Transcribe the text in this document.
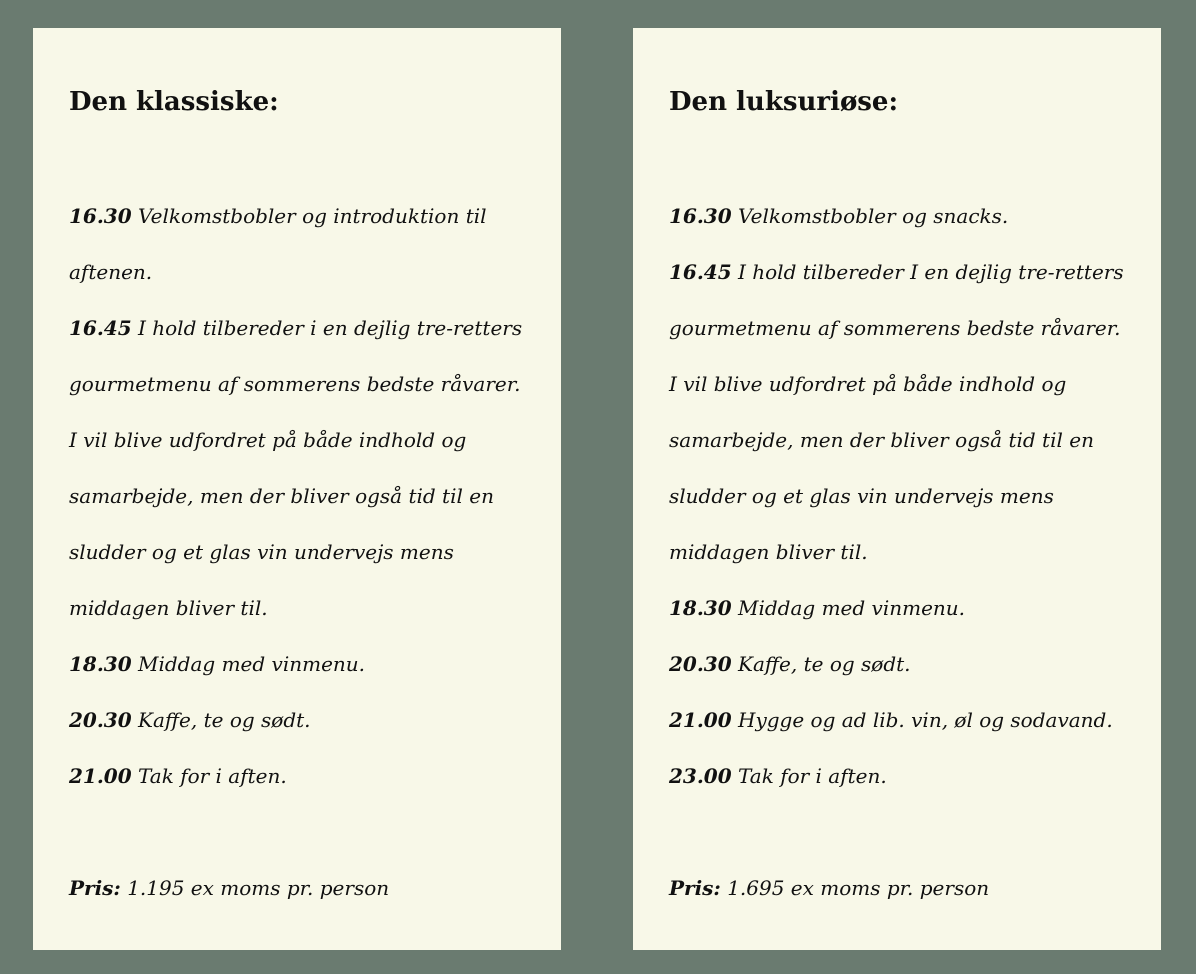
Den klassiske:

16.30 Velkomstbobler og introduktion til aftenen.

16.45 I hold tilbereder i en dejlig tre-retters gourmetmenu af sommerens bedste råvarer. I vil blive udfordret på både indhold og samarbejde, men der bliver også tid til en sludder og et glas vin undervejs mens middagen bliver til.

18.30 Middag med vinmenu.

20.30 Kaffe, te og sødt.

21.00 Tak for i aften.

Pris: 1.195 ex moms pr. person

Den luksuriøse:

16.30 Velkomstbobler og snacks.

16.45 I hold tilbereder I en dejlig tre-retters gourmetmenu af sommerens bedste råvarer. I vil blive udfordret på både indhold og samarbejde, men der bliver også tid til en sludder og et glas vin undervejs mens middagen bliver til.

18.30 Middag med vinmenu.

20.30 Kaffe, te og sødt.

21.00 Hygge og ad lib. vin, øl og sodavand.

23.00 Tak for i aften.

Pris: 1.695 ex moms pr. person
